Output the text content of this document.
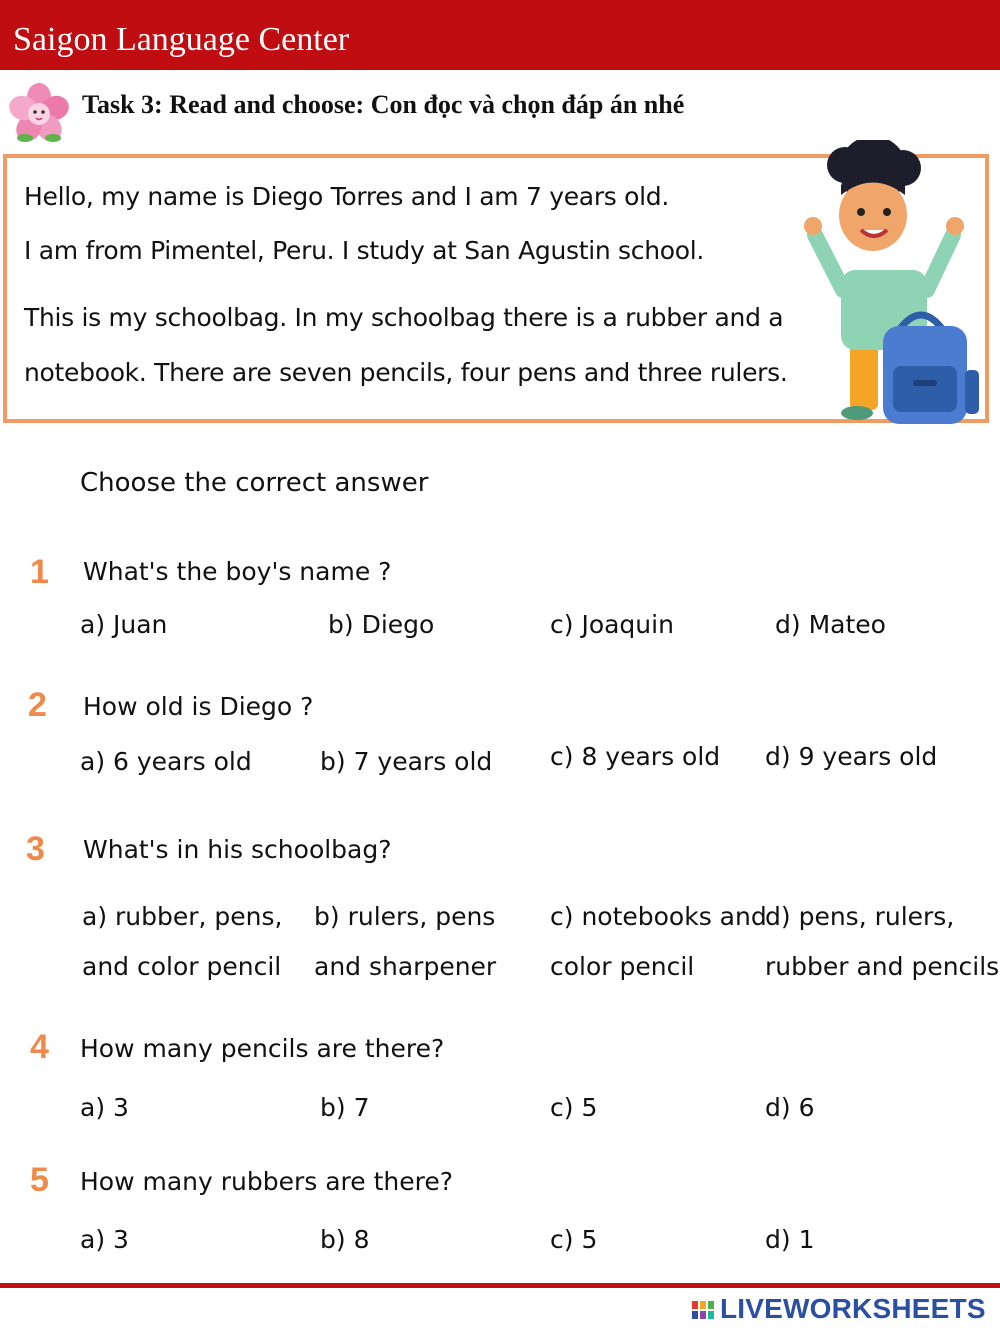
Saigon Language Center
Task 3: Read and choose: Con đọc và chọn đáp án nhé
Hello, my name is Diego Torres and I am 7 years old.
I am from Pimentel, Peru. I study at San Agustin school.
This is my schoolbag. In my schoolbag there is a rubber and a
notebook. There are seven pencils, four pens and three rulers.
Choose the correct answer
1 What's the boy's name ?
a) Juan	b) Diego	c) Joaquin	d) Mateo
2 How old is Diego ?
a) 6 years old	b) 7 years old c) 8 years old d) 9 years old
3 What's in his schoolbag?
a) rubber, pens,
and color pencil
b) rulers, pens
and sharpener
c) notebooks and
color pencil
d) pens, rulers,
rubber and pencils
4 How many pencils are there?
a) 3	b) 7	c) 5	d) 6
5 How many rubbers are there?
a) 3	b) 8	c) 5	d) 1
LIVEWORKSHEETS
